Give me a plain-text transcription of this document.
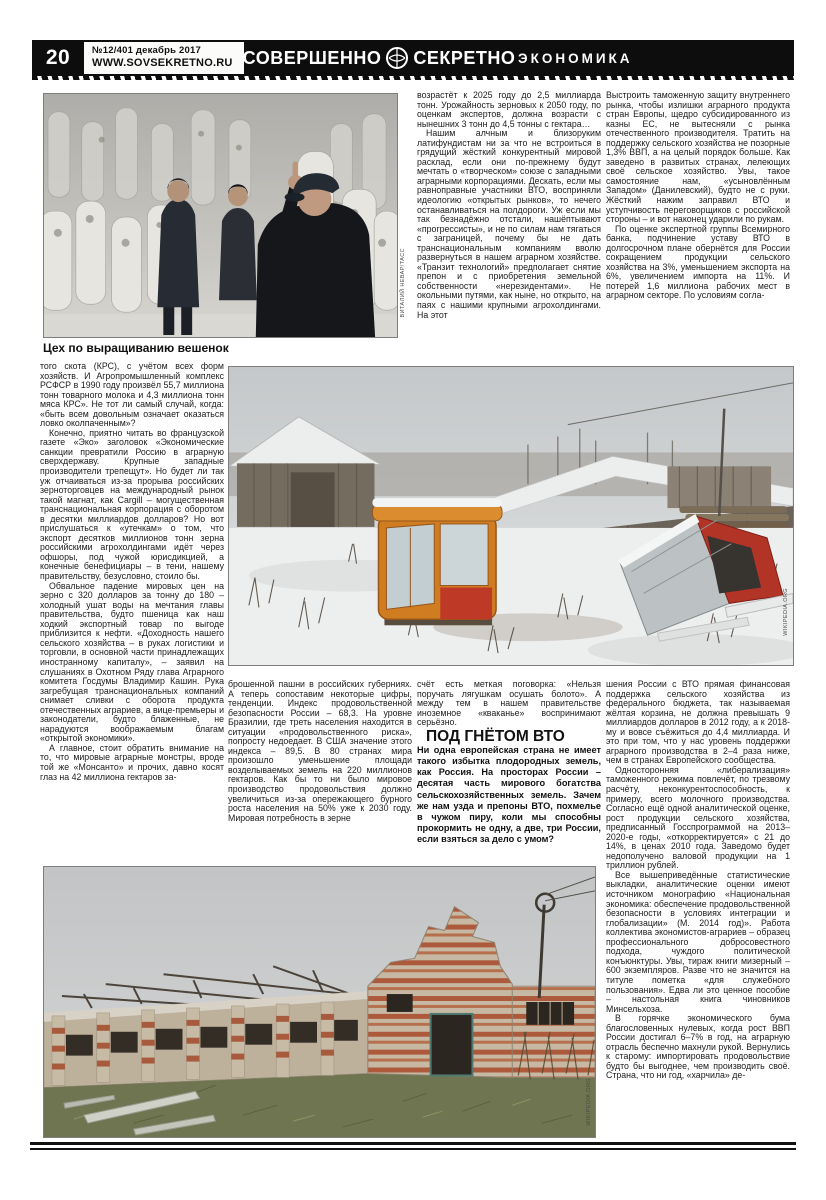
20	№12/401 декабрь 2017
WWW.SOVSEKRETNO.RU СОВЕРШЕННО СЕКРЕТНО ЭКОНОМИКА
ВИТАЛИЙ НЕВАР/ТАСС
Цех по выращиванию вешенок
WIKIPEDIA.ORG
WIKIPEDIA.ORG

того скота (КРС), с учётом всех форм хозяйств. И Агропромышленный комплекс РСФСР в 1990 году произвёл 55,7 миллиона тонн товарного молока и 4,3 миллиона тонн мяса КРС». Не тот ли самый случай, когда: «быть всем довольным означает оказаться ловко околпаченным»?

Конечно, приятно читать во французской газете «Эко» заголовок «Экономические санкции превратили Россию в аграрную сверхдержаву. Крупные западные производители трепещут». Но будет ли так уж отчаиваться из-за прорыва российских зерноторговцев на международный рынок такой магнат, как Cargill – могущественная транснациональная корпорация с оборотом в десятки миллиардов долларов? Но вот прислушаться к «утечкам» о том, что экспорт десятков миллионов тонн зерна российскими агрохолдингами идёт через офшоры, под чужой юрисдикцией, а конечные бенефициары – в тени, нашему правительству, безусловно, стоило бы.

Обвальное падение мировых цен на зерно с 320 долларов за тонну до 180 – холодный ушат воды на мечтания главы правительства, будто пшеница как наш ходкий экспортный товар по выгоде приблизится к нефти. «Доходность нашего сельского хозяйства – в руках логистики и торговли, в основной части принадлежащих иностранному капиталу», – заявил на слушаниях в Охотном Ряду глава Аграрного комитета Госдумы Владимир Кашин. Рука загребущая транснациональных компаний снимает сливки с оборота продукта отечественных аграриев, а вице-премьеры и законодатели, будто блаженные, не нарадуются воображаемым благам «открытой экономики».

А главное, стоит обратить внимание на то, что мировые аграрные монстры, вроде той же «Монсанто» и прочих, давно косят глаз на 42 миллиона гектаров за-

возрастёт к 2025 году до 2,5 миллиарда тонн. Урожайность зерновых к 2050 году, по оценкам экспертов, должна возрасти с нынешних 3 тонн до 4,5 тонны с гектара…

Нашим алчным и близоруким латифундистам ни за что не встроиться в грядущий жёсткий конкурентный мировой расклад, если они по-прежнему будут мечтать о «творческом» союзе с западными аграрными корпорациями. Дескать, если мы равноправные участники ВТО, восприняли идеологию «открытых рынков», то нечего останавливаться на полдороги. Уж если мы так безнадёжно отстали, нашёптывают «прогрессисты», и не по силам нам тягаться с заграницей, почему бы не дать транснациональным компаниям вволю развернуться в нашем аграрном хозяйстве. «Транзит технологий» предполагает снятие препон и с приобретения земельной собственности «нерезидентами». Не окольными путями, как ныне, но открыто, на паях с нашими крупными агрохолдингами. На этот

Выстроить таможенную защиту внутреннего рынка, чтобы излишки аграрного продукта стран Европы, щедро субсидированного из казны ЕС, не вытесняли с рынка отечественного производителя. Тратить на поддержку сельского хозяйства не позорные 1,3% ВВП, а на целый порядок больше. Как заведено в развитых странах, лелеющих своё сельское хозяйство. Увы, такое самостояние нам, «усыновлённым Западом» (Данилевский), будто не с руки. Жёсткий нажим заправил ВТО и уступчивость переговорщиков с российской стороны – и вот наконец ударили по рукам.

По оценке экспертной группы Всемирного банка, подчинение уставу ВТО в долгосрочном плане обернётся для России сокращением продукции сельского хозяйства на 3%, уменьшением экспорта на 6%, увеличением импорта на 11%. И потерей 1,6 миллиона рабочих мест в аграрном секторе. По условиям согла-

брошенной пашни в российских губерниях. А теперь сопоставим некоторые цифры, тенденции. Индекс продовольственной безопасности России – 68,3. На уровне Бразилии, где треть населения находится в ситуации «продовольственного риска», попросту недоедает. В США значение этого индекса – 89,5. В 80 странах мира произошло уменьшение площади возделываемых земель на 220 миллионов гектаров. Как бы то ни было мировое производство продовольствия должно увеличиться из-за опережающего бурного роста населения на 50% уже к 2030 году. Мировая потребность в зерне

счёт есть меткая поговорка: «Нельзя поручать лягушкам осушать болото». А между тем в нашем правительстве иноземное «кваканье» воспринимают серьёзно.

ПОД ГНЁТОМ ВТО

Ни одна европейская страна не имеет такого избытка плодородных земель, как Россия. На просторах России – десятая часть мирового богатства сельскохозяйственных земель. Зачем же нам узда и препоны ВТО, похмелье в чужом пиру, коли мы способны прокормить не одну, а две, три России, если взяться за дело с умом?

шения России с ВТО прямая финансовая поддержка сельского хозяйства из федерального бюджета, так называемая жёлтая корзина, не должна превышать 9 миллиардов долларов в 2012 году, а к 2018-му и вовсе съёжиться до 4,4 миллиарда. И это при том, что у нас уровень поддержки аграрного производства в 2–4 раза ниже, чем в странах Европейского сообщества.

Односторонняя «либерализация» таможенного режима повлечёт, по трезвому расчёту, неконкурентоспособность, к примеру, всего молочного производства. Согласно ещё одной аналитической оценке, рост продукции сельского хозяйства, предписанный Госспрограммой на 2013–2020-е годы, «откорректируется» с 21 до 14%, в ценах 2010 года. Заведомо будет недополучено валовой продукции на 1 триллион рублей.

Все вышеприведённые статистические выкладки, аналитические оценки имеют источником монографию «Национальная экономика: обеспечение продовольственной безопасности в условиях интеграции и глобализации» (М. 2014 год)». Работа коллектива экономистов-аграриев – образец профессионального добросовестного подхода, чуждого политической конъюнктуры. Увы, тираж книги мизерный – 600 экземпляров. Разве что не значится на титуле пометка «для служебного пользования». Едва ли это ценное пособие – настольная книга чиновников Минсельхоза.

В горячке экономического бума благословенных нулевых, когда рост ВВП России достигал 6–7% в год, на аграрную отрасль беспечно махнули рукой. Вернулись к старому: импортировать продовольствие будто бы выгоднее, чем производить своё. Страна, что ни год, «харчила» де-
